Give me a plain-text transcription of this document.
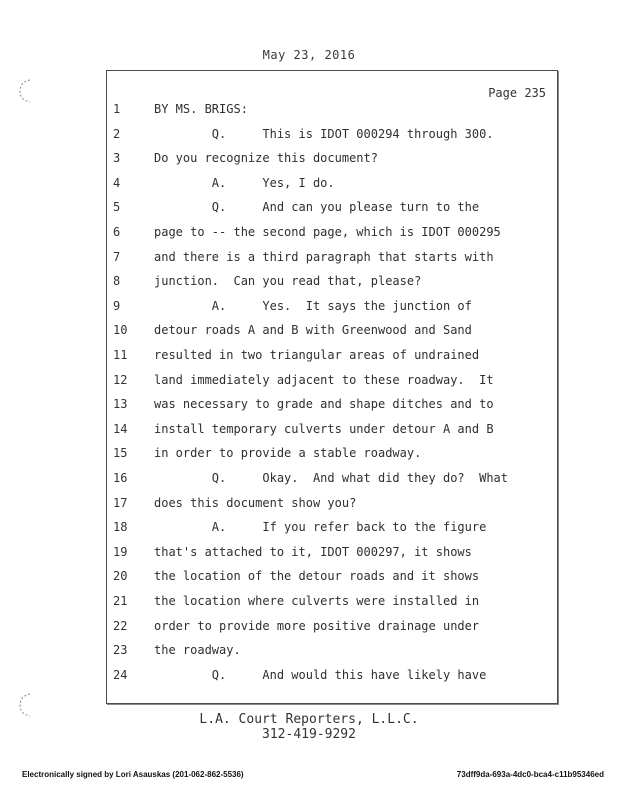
May 23, 2016
Page 235
1	BY MS. BRIGS:
2	Q.     This is IDOT 000294 through 300.
3	Do you recognize this document?
4	A.     Yes, I do.
5	Q.     And can you please turn to the
6	page to -- the second page, which is IDOT 000295
7	and there is a third paragraph that starts with
8	junction.  Can you read that, please?
9	A.     Yes.  It says the junction of
10	detour roads A and B with Greenwood and Sand
11	resulted in two triangular areas of undrained
12	land immediately adjacent to these roadway.  It
13	was necessary to grade and shape ditches and to
14	install temporary culverts under detour A and B
15	in order to provide a stable roadway.
16	Q.     Okay.  And what did they do?  What
17	does this document show you?
18	A.     If you refer back to the figure
19	that's attached to it, IDOT 000297, it shows
20	the location of the detour roads and it shows
21	the location where culverts were installed in
22	order to provide more positive drainage under
23	the roadway.
24	Q.     And would this have likely have
L.A. Court Reporters, L.L.C.
312-419-9292
Electronically signed by Lori Asauskas (201-062-862-5536)	73dff9da-693a-4dc0-bca4-c11b95346ed
